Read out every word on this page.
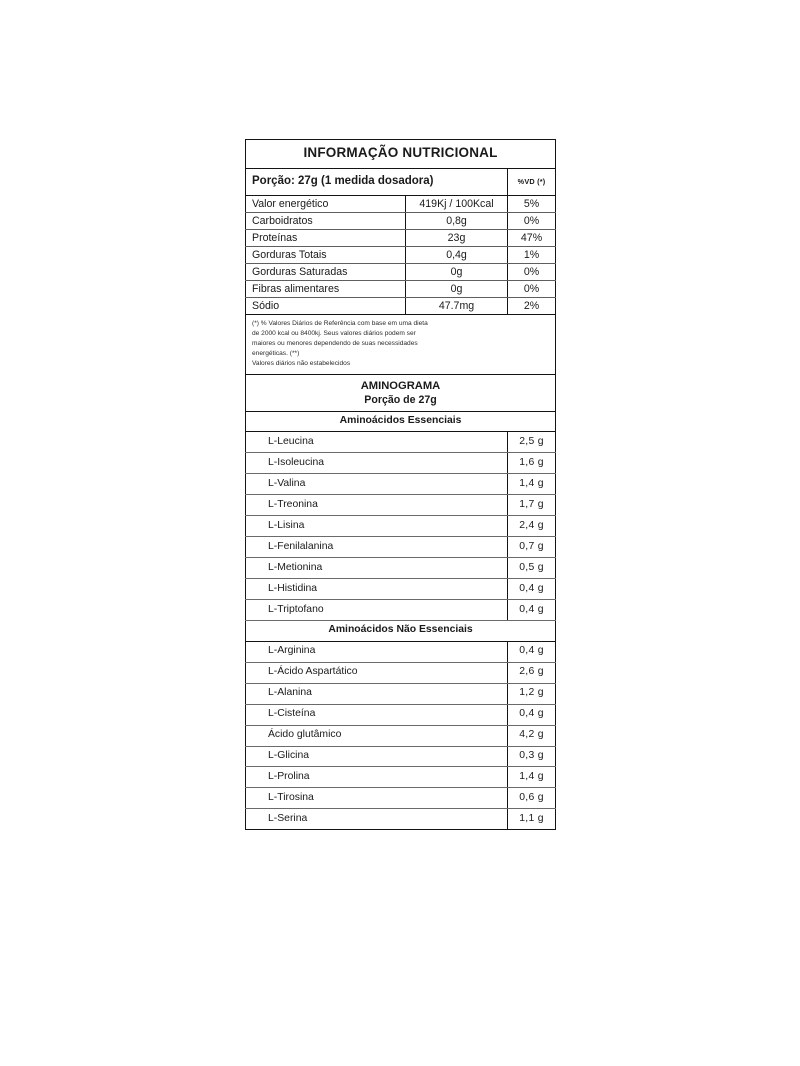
INFORMAÇÃO NUTRICIONAL		
Porção: 27g (1 medida dosadora)		%VD (*)
Valor energético	419Kj / 100Kcal	5%
Carboidratos	0,8g	0%
Proteínas	23g	47%
Gorduras Totais	0,4g	1%
Gorduras Saturadas	0g	0%
Fibras alimentares	0g	0%
Sódio	47.7mg	2%

(*) % Valores Diários de Referência com base em uma dieta
de 2000 kcal ou 8400kj. Seus valores diários podem ser
maiores ou menores dependendo de suas necessidades
energéticas. (**)
Valores diários não estabelecidos		

AMINOGRAMA		
Porção de 27g		
Aminoácidos Essenciais		
L-Leucina		2,5 g
L-Isoleucina		1,6 g
L-Valina		1,4 g
L-Treonina		1,7 g
L-Lisina		2,4 g
L-Fenilalanina		0,7 g
L-Metionina		0,5 g
L-Histidina		0,4 g
L-Triptofano		0,4 g
Aminoácidos Não Essenciais		
L-Arginina		0,4 g
L-Ácido Aspartático		2,6 g
L-Alanina		1,2 g
L-Cisteína		0,4 g
Ácido glutâmico		4,2 g
L-Glicina		0,3 g
L-Prolina		1,4 g
L-Tirosina		0,6 g
L-Serina		1,1 g
